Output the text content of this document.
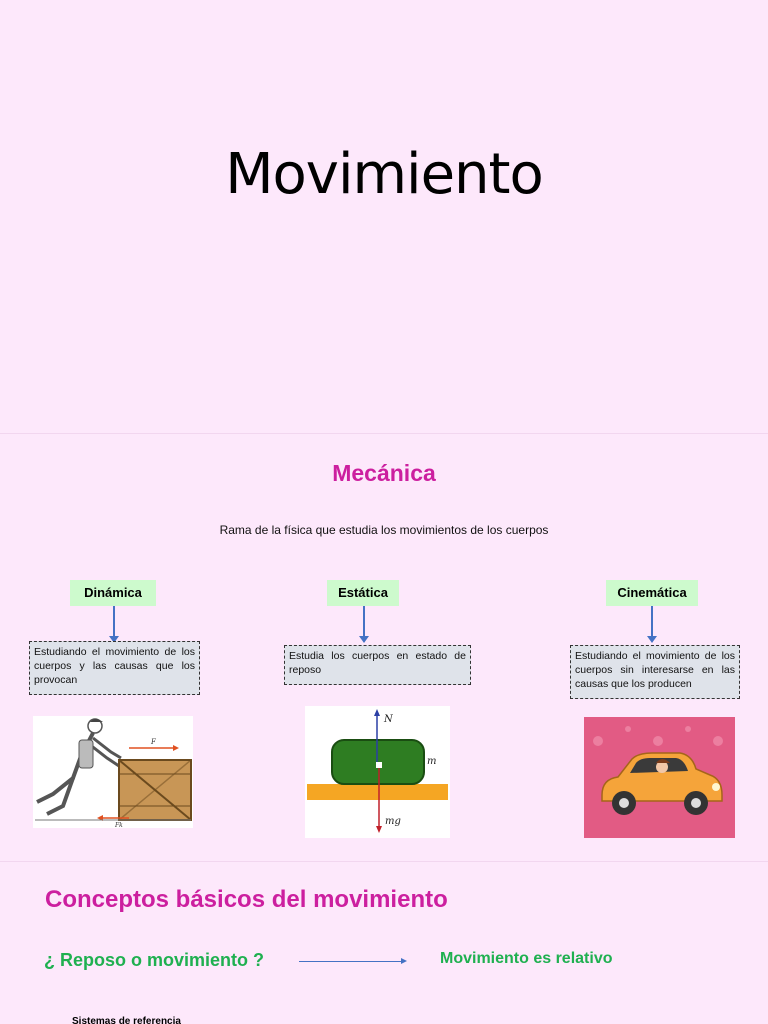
Movimiento
Mecánica
Rama de la física que estudia los movimientos de los cuerpos
Dinámica
Estudiando el movimiento de los cuerpos y las causas que los provocan
Estática
Estudia los cuerpos en estado de reposo
Cinemática
Estudiando el movimiento de los cuerpos sin interesarse en las causas que los producen
F
Fk
N
mg
m
Conceptos básicos del movimiento
¿ Reposo o movimiento ?	Movimiento es relativo
Sistemas de referencia
